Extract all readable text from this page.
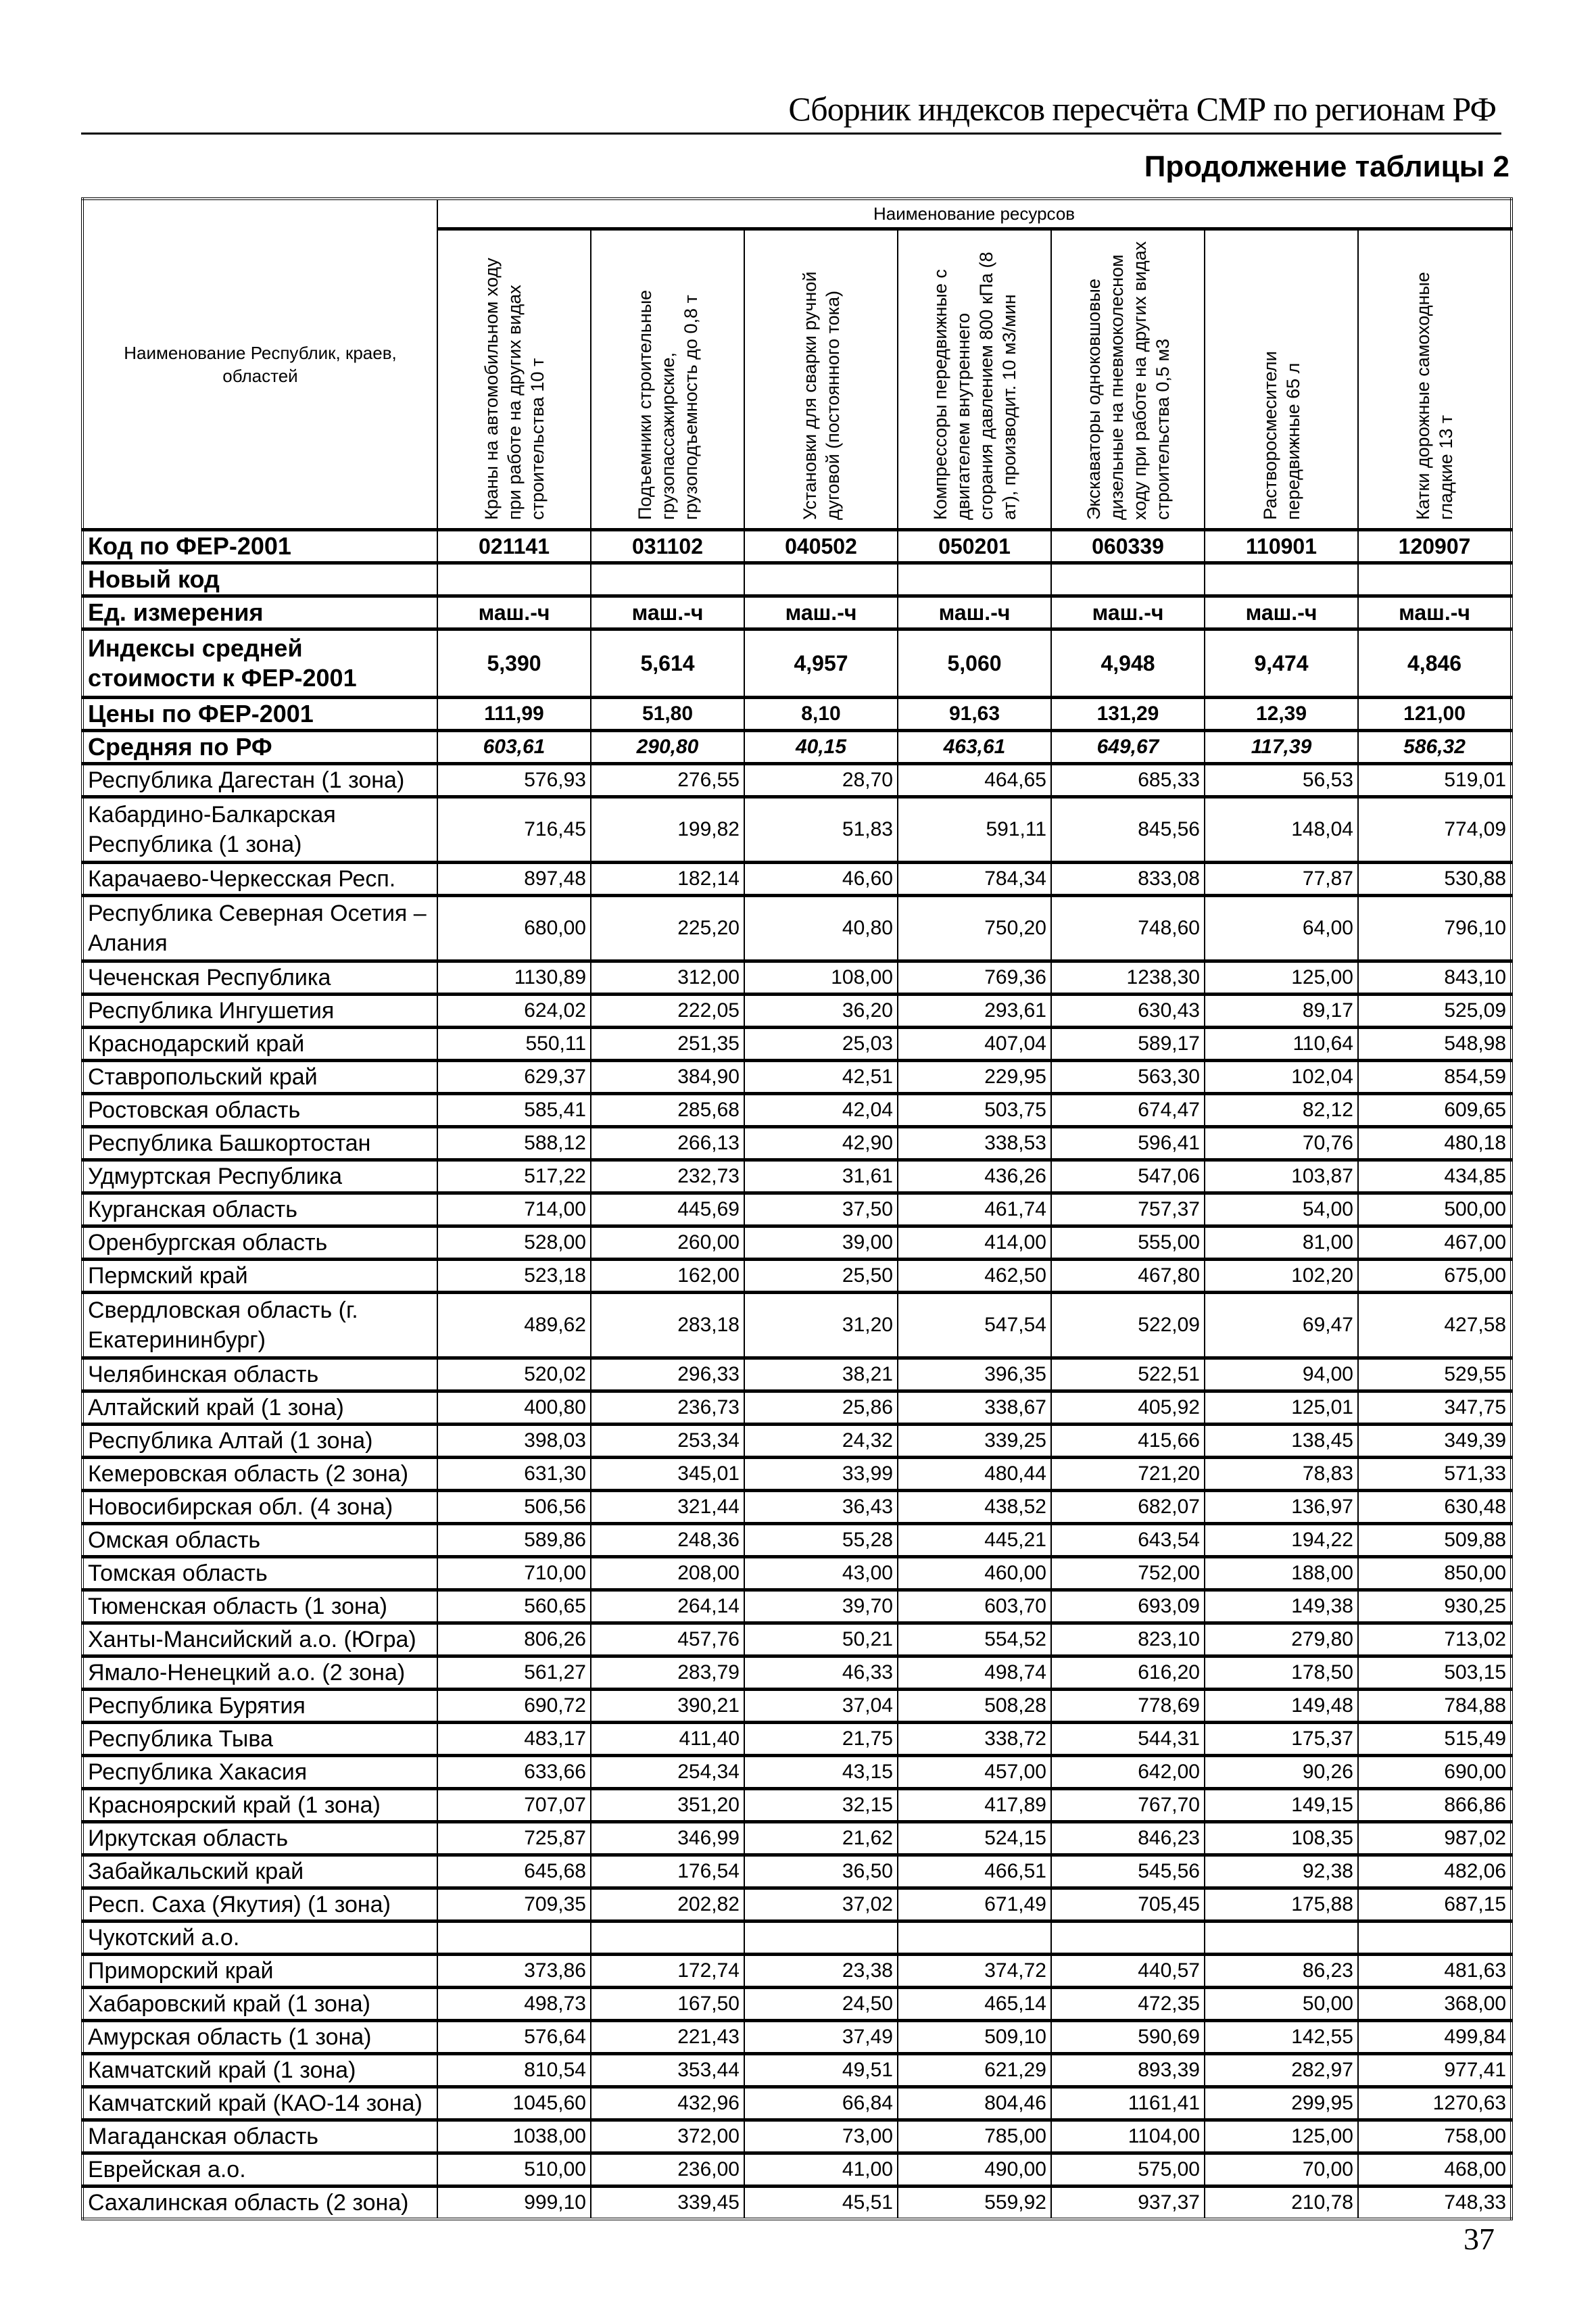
Сборник индексов пересчёта СМР по регионам РФ
Продолжение таблицы 2
Наименование Республик, краев, областей	Наименование ресурсов						
	Краны на автомобильном ходу при работе на других видах строительства 10 т	Подъемники строительные грузопассажирские, грузоподъемность до 0,8 т	Установки для сварки ручной дуговой (постоянного тока)	Компрессоры передвижные с двигателем внутреннего сгорания давлением 800 кПа (8 ат), производит. 10 м3/мин	Экскаваторы одноковшовые дизельные на пневмоколесном ходу при работе на других видах строительства 0,5 м3	Растворосмесители передвижные 65 л	Катки дорожные самоходные гладкие 13 т
Код по ФЕР-2001	021141	031102	040502	050201	060339	110901	120907
Новый код							
Ед. измерения	маш.-ч	маш.-ч	маш.-ч	маш.-ч	маш.-ч	маш.-ч	маш.-ч
Индексы средней стоимости к ФЕР-2001	5,390	5,614	4,957	5,060	4,948	9,474	4,846
Цены по ФЕР-2001	111,99	51,80	8,10	91,63	131,29	12,39	121,00
Средняя по РФ	603,61	290,80	40,15	463,61	649,67	117,39	586,32
Республика Дагестан (1 зона)	576,93	276,55	28,70	464,65	685,33	56,53	519,01
Кабардино-Балкарская Республика (1 зона)	716,45	199,82	51,83	591,11	845,56	148,04	774,09
Карачаево-Черкесская Респ.	897,48	182,14	46,60	784,34	833,08	77,87	530,88
Республика Северная Осетия – Алания	680,00	225,20	40,80	750,20	748,60	64,00	796,10
Чеченская Республика	1130,89	312,00	108,00	769,36	1238,30	125,00	843,10
Республика Ингушетия	624,02	222,05	36,20	293,61	630,43	89,17	525,09
Краснодарский край	550,11	251,35	25,03	407,04	589,17	110,64	548,98
Ставропольский край	629,37	384,90	42,51	229,95	563,30	102,04	854,59
Ростовская область	585,41	285,68	42,04	503,75	674,47	82,12	609,65
Республика Башкортостан	588,12	266,13	42,90	338,53	596,41	70,76	480,18
Удмуртская Республика	517,22	232,73	31,61	436,26	547,06	103,87	434,85
Курганская область	714,00	445,69	37,50	461,74	757,37	54,00	500,00
Оренбургская область	528,00	260,00	39,00	414,00	555,00	81,00	467,00
Пермский край	523,18	162,00	25,50	462,50	467,80	102,20	675,00
Свердловская область (г. Екатерининбург)	489,62	283,18	31,20	547,54	522,09	69,47	427,58
Челябинская область	520,02	296,33	38,21	396,35	522,51	94,00	529,55
Алтайский край (1 зона)	400,80	236,73	25,86	338,67	405,92	125,01	347,75
Республика Алтай (1 зона)	398,03	253,34	24,32	339,25	415,66	138,45	349,39
Кемеровская область (2 зона)	631,30	345,01	33,99	480,44	721,20	78,83	571,33
Новосибирская обл. (4 зона)	506,56	321,44	36,43	438,52	682,07	136,97	630,48
Омская область	589,86	248,36	55,28	445,21	643,54	194,22	509,88
Томская область	710,00	208,00	43,00	460,00	752,00	188,00	850,00
Тюменская область (1 зона)	560,65	264,14	39,70	603,70	693,09	149,38	930,25
Ханты-Мансийский а.о. (Югра)	806,26	457,76	50,21	554,52	823,10	279,80	713,02
Ямало-Ненецкий а.о. (2 зона)	561,27	283,79	46,33	498,74	616,20	178,50	503,15
Республика Бурятия	690,72	390,21	37,04	508,28	778,69	149,48	784,88
Республика Тыва	483,17	411,40	21,75	338,72	544,31	175,37	515,49
Республика Хакасия	633,66	254,34	43,15	457,00	642,00	90,26	690,00
Красноярский край (1 зона)	707,07	351,20	32,15	417,89	767,70	149,15	866,86
Иркутская область	725,87	346,99	21,62	524,15	846,23	108,35	987,02
Забайкальский край	645,68	176,54	36,50	466,51	545,56	92,38	482,06
Респ. Саха (Якутия) (1 зона)	709,35	202,82	37,02	671,49	705,45	175,88	687,15
Чукотский а.о.							
Приморский край	373,86	172,74	23,38	374,72	440,57	86,23	481,63
Хабаровский край (1 зона)	498,73	167,50	24,50	465,14	472,35	50,00	368,00
Амурская область (1 зона)	576,64	221,43	37,49	509,10	590,69	142,55	499,84
Камчатский край (1 зона)	810,54	353,44	49,51	621,29	893,39	282,97	977,41
Камчатский край (КАО-14 зона)	1045,60	432,96	66,84	804,46	1161,41	299,95	1270,63
Магаданская область	1038,00	372,00	73,00	785,00	1104,00	125,00	758,00
Еврейская а.о.	510,00	236,00	41,00	490,00	575,00	70,00	468,00
Сахалинская область (2 зона)	999,10	339,45	45,51	559,92	937,37	210,78	748,33
37
